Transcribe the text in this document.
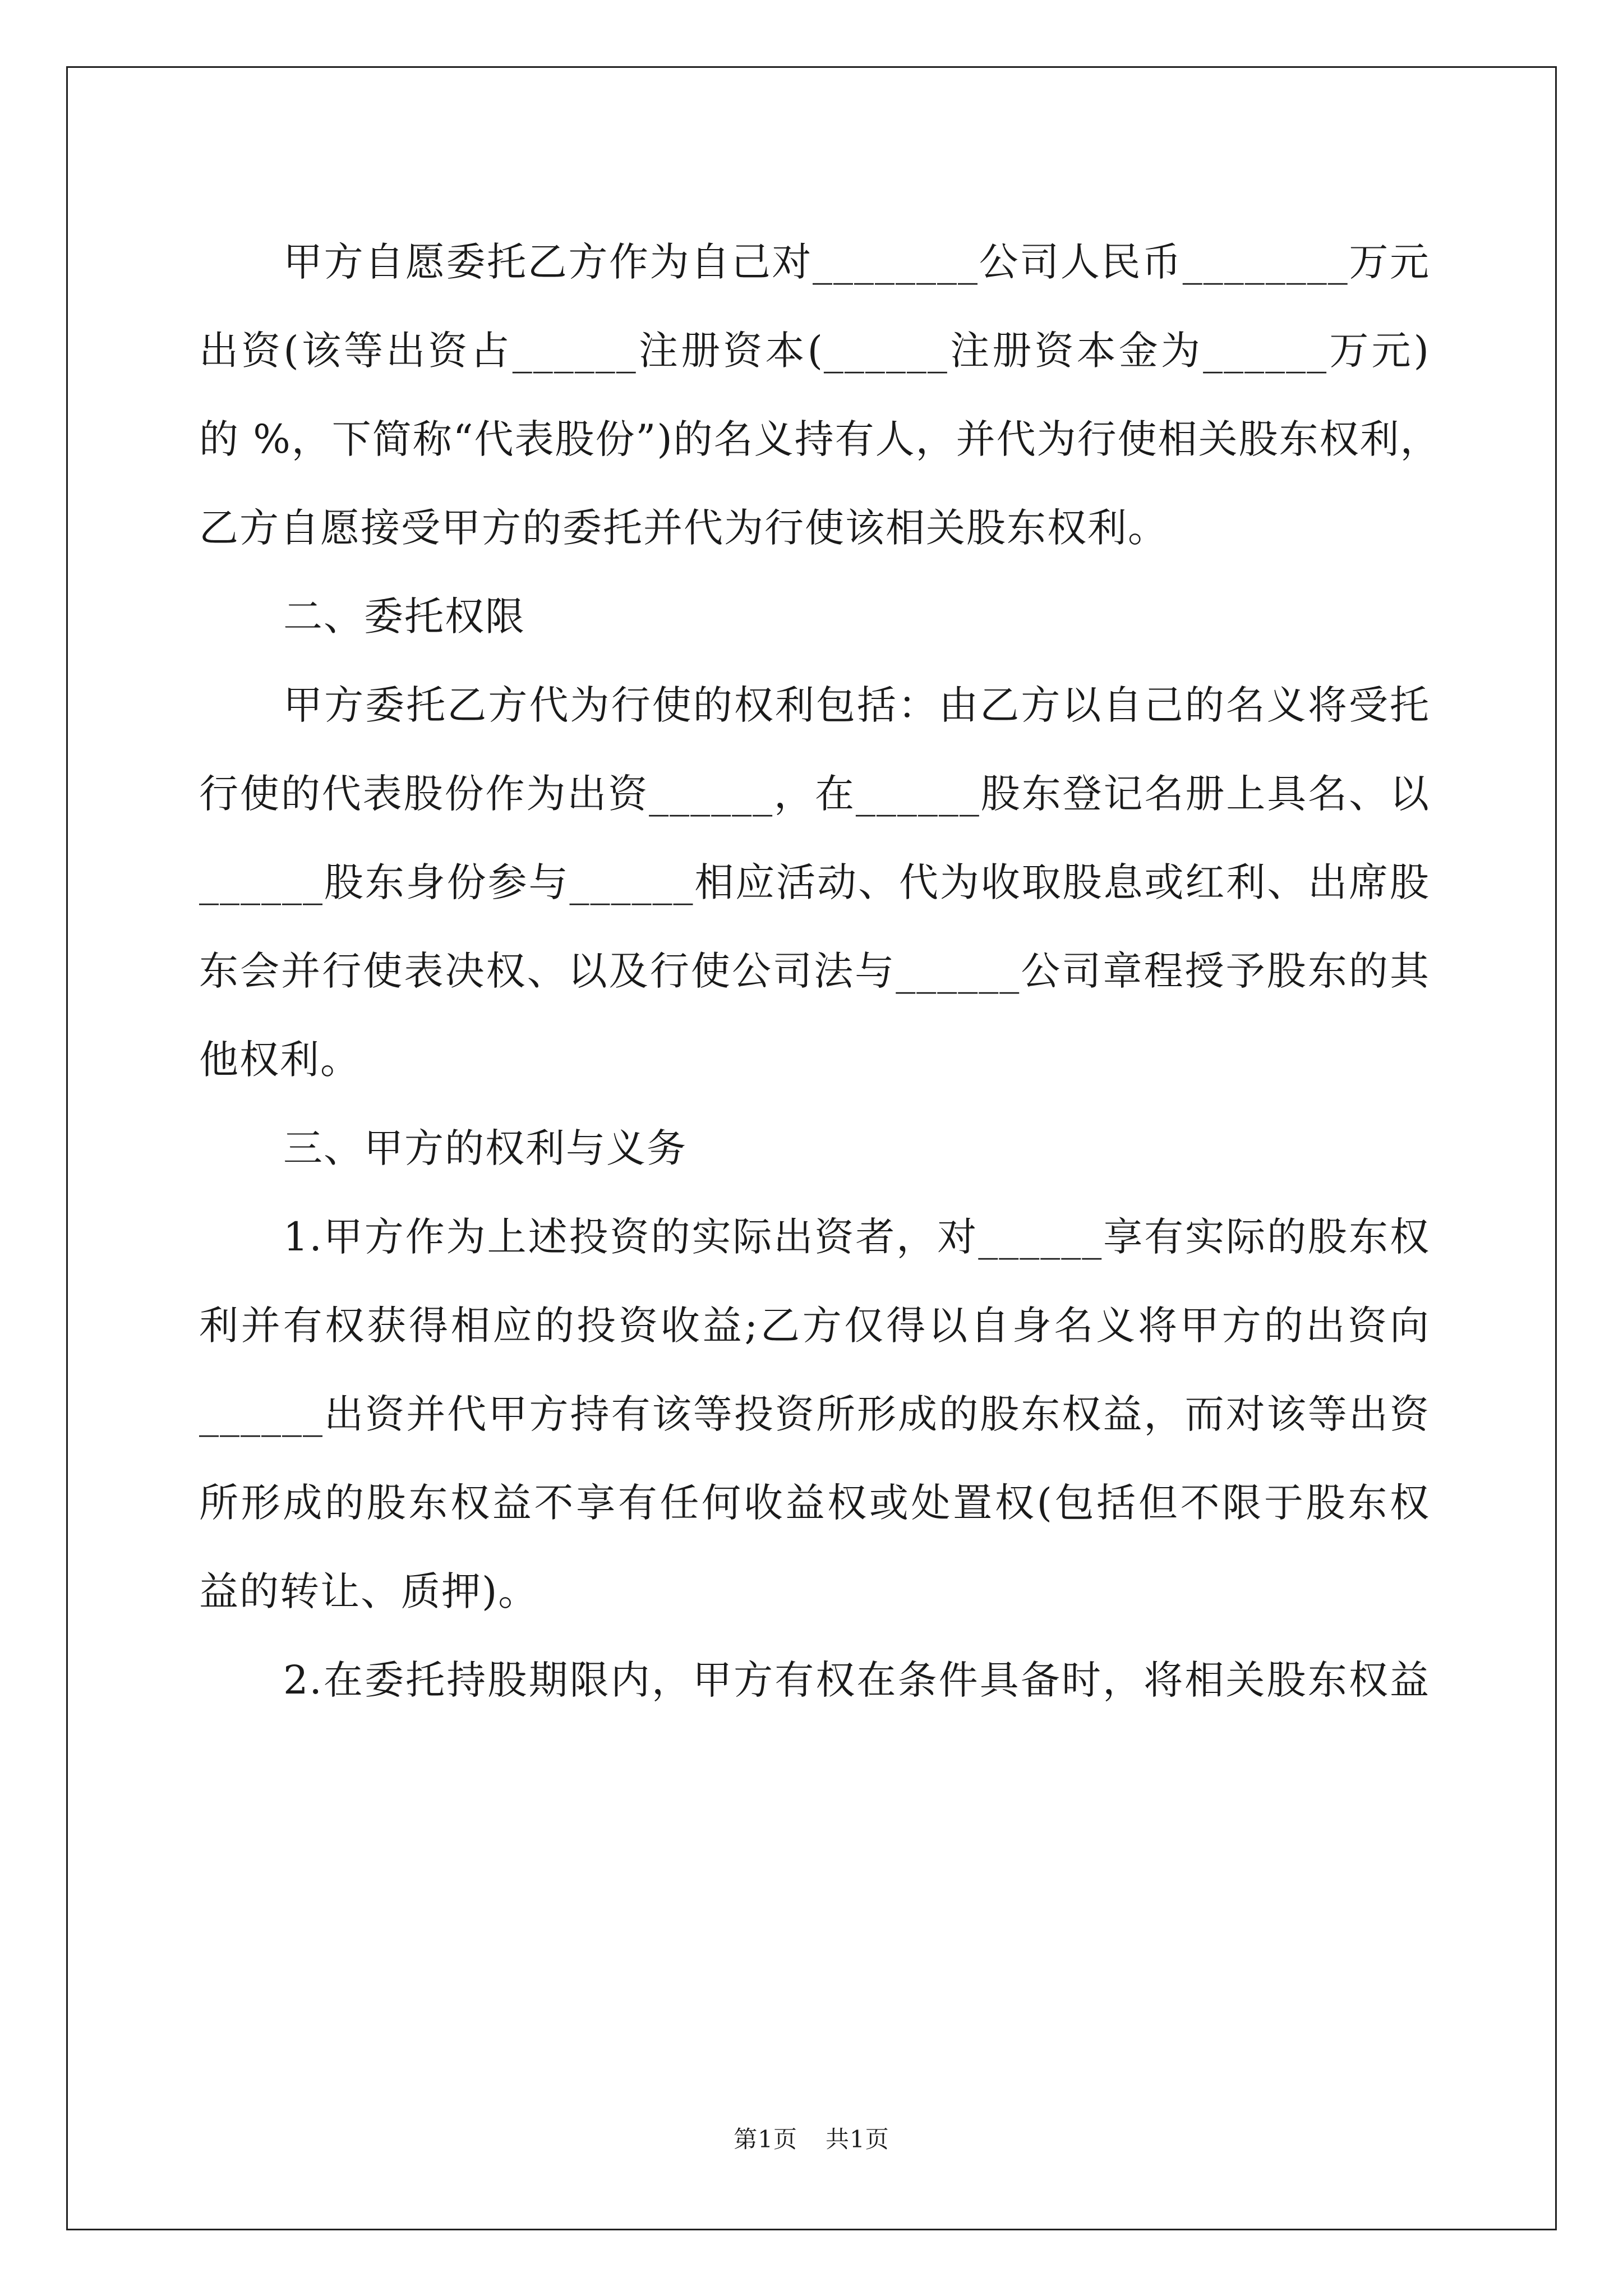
甲方自愿委托乙方作为自己对________公司人民币________万元
出资(该等出资占______注册资本(______注册资本金为______万元)
的 %，下简称“代表股份”)的名义持有人，并代为行使相关股东权利，
乙方自愿接受甲方的委托并代为行使该相关股东权利。

二、委托权限

甲方委托乙方代为行使的权利包括：由乙方以自己的名义将受托
行使的代表股份作为出资______，在______股东登记名册上具名、以
______股东身份参与______相应活动、代为收取股息或红利、出席股
东会并行使表决权、以及行使公司法与______公司章程授予股东的其
他权利。

三、甲方的权利与义务

1.甲方作为上述投资的实际出资者，对______享有实际的股东权
利并有权获得相应的投资收益;乙方仅得以自身名义将甲方的出资向
______出资并代甲方持有该等投资所形成的股东权益，而对该等出资
所形成的股东权益不享有任何收益权或处置权(包括但不限于股东权
益的转让、质押)。

2.在委托持股期限内，甲方有权在条件具备时，将相关股东权益

第1页 共1页
